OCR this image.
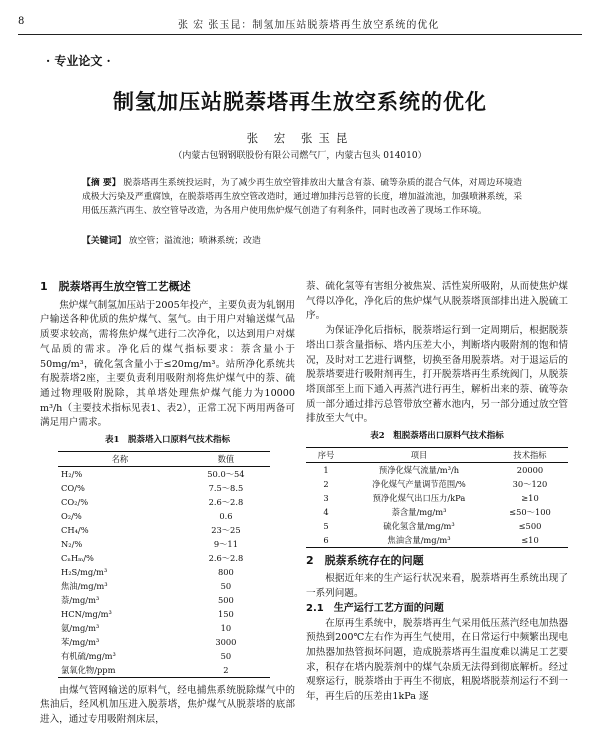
8	张 宏 张玉昆：制氢加压站脱萘塔再生放空系统的优化
· 专业论文 ·
制氢加压站脱萘塔再生放空系统的优化
张 宏 张玉昆
（内蒙古包钢钢联股份有限公司燃气厂，内蒙古包头 014010）
【摘 要】 脱萘塔再生系统投运时，为了减少再生放空管排放出大量含有萘、硫等杂质的混合气体，对周边环境造成极大污染及严重腐蚀，在脱萘塔再生放空管改造时，通过增加排污总管的长度，增加溢流池，加强喷淋系统，采用低压蒸汽再生、放空管导改造，为各用户使用焦炉煤气创造了有利条件，同时也改善了现场工作环境。
【关键词】 放空管；溢流池；喷淋系统；改造
1　脱萘塔再生放空管工艺概述

焦炉煤气制氢加压站于2005年投产，主要负责为轧钢用户输送各种优质的焦炉煤气、氢气。由于用户对输送煤气品质要求较高，需将焦炉煤气进行二次净化，以达到用户对煤气品质的需求。净化后的煤气指标要求：萘含量小于50mg/m³，硫化氢含量小于≤20mg/m³。站所净化系统共有脱萘塔2座，主要负责利用吸附剂将焦炉煤气中的萘、硫通过物理吸附脱除，其单塔处理焦炉煤气能力为10000 m³/h（主要技术指标见表1、表2），正常工况下两用两备可满足用户需求。

表1　脱萘塔入口原料气技术指标
名称	数值
H₂/%	50.0～54
CO/%	7.5～8.5
CO₂/%	2.6～2.8
O₂/%	0.6
CH₄/%	23～25
N₂/%	9～11
CₙHₘ/%	2.6～2.8
H₂S/mg/m³	800
焦油/mg/m³	50
萘/mg/m³	500
HCN/mg/m³	150
氨/mg/m³	10
苯/mg/m³	3000
有机硫/mg/m³	50
氯氧化物/ppm	2

由煤气管网输送的原料气，经电捕焦系统脱除煤气中的焦油后，经风机加压进入脱萘塔，焦炉煤气从脱萘塔的底部进入，通过专用吸附剂床层，

萘、硫化氢等有害组分被焦炭、活性炭所吸附，从而使焦炉煤气得以净化，净化后的焦炉煤气从脱萘塔顶部排出进入脱硫工序。

为保证净化后指标，脱萘塔运行到一定周期后，根据脱萘塔出口萘含量指标、塔内压差大小，判断塔内吸附剂的饱和情况，及时对工艺进行调整，切换至备用脱萘塔。对于退运后的脱萘塔要进行吸附剂再生，打开脱萘塔再生系统阀门，从脱萘塔顶部至上而下通入再蒸汽进行再生，解析出来的萘、硫等杂质一部分通过排污总管带放空蓄水池内，另一部分通过放空管排放至大气中。

表2　粗脱萘塔出口原料气技术指标
序号	项目	技术指标
1	预净化煤气流量/m³/h	20000
2	净化煤气产量调节范围/%	30～120
3	预净化煤气出口压力/kPa	≥10
4	萘含量/mg/m³	≤50～100
5	硫化氢含量/mg/m³	≤500
6	焦油含量/mg/m³	≤10
2　脱萘系统存在的问题

根据近年来的生产运行状况来看，脱萘塔再生系统出现了一系列问题。

2.1　生产运行工艺方面的问题

在原再生系统中，脱萘塔再生气采用低压蒸汽经电加热器预热到200℃左右作为再生气使用，在日常运行中频繁出现电加热器加热管损坏问题，造成脱萘塔再生温度难以满足工艺要求，积存在塔内脱萘剂中的煤气杂质无法得到彻底解析。经过观察运行，脱萘塔由于再生不彻底，粗脱塔脱萘剂运行不到一年，再生后的压差由1kPa 逐
